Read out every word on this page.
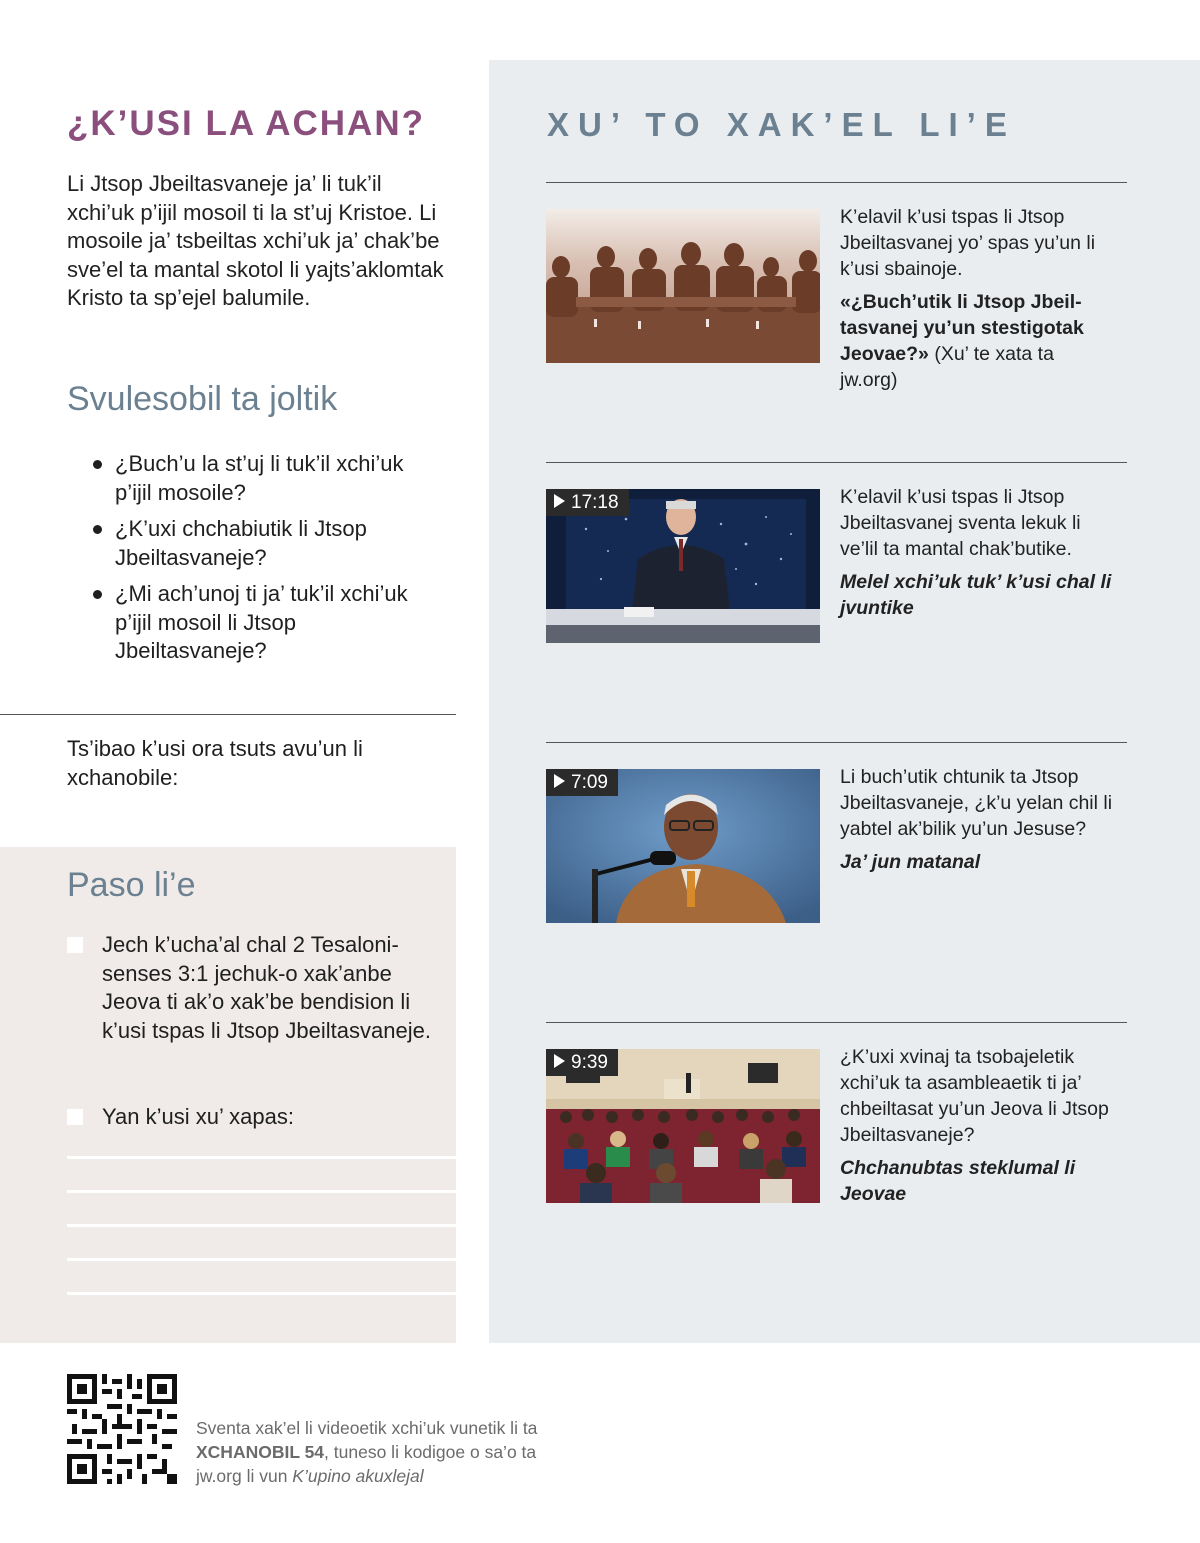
¿K’USI LA ACHAN?

Li Jtsop Jbeiltasvaneje ja’ li tuk’il xchi’uk p’ijil mosoil ti la st’uj Kristoe. Li mosoile ja’ tsbeiltas xchi’uk ja’ chak’be sve’el ta mantal skotol li yajts’aklomtak Kristo ta sp’ejel balumile.

Svulesobil ta joltik
¿Buch’u la st’uj li tuk’il xchi’uk p’ijil mosoile?
¿K’uxi chchabiutik li Jtsop Jbeiltasvaneje?
¿Mi ach’unoj ti ja’ tuk’il xchi’uk p’ijil mosoil li Jtsop Jbeiltasvaneje?

Ts’ibao k’usi ora tsuts avu’un li xchanobile:

Paso li’e
Jech k’ucha’al chal 2 Tesalonisenses 3:1 jechuk-o xak’anbe Jeova ti ak’o xak’be bendision li k’usi tspas li Jtsop Jbeiltasvaneje.
Yan k’usi xu’ xapas:
XU’ TO XAK’EL LI’E

K’elavil k’usi tspas li Jtsop Jbeiltasvanej yo’ spas yu’un li k’usi sbainoje.

«¿Buch’utik li Jtsop Jbeiltasvanej yu’un stestigotak Jeovae?» (Xu’ te xata ta jw.org)

17:18	K’elavil k’usi tspas li Jtsop Jbeiltasvanej sventa lekuk li ve’lil ta mantal chak’butike.

Melel xchi’uk tuk’ k’usi chal li jvuntike

7:09	Li buch’utik chtunik ta Jtsop Jbeiltasvaneje, ¿k’u yelan chil li yabtel ak’bilik yu’un Jesuse?

Ja’ jun matanal

9:39	¿K’uxi xvinaj ta tsobajeletik xchi’uk ta asambleaetik ti ja’ chbeiltasat yu’un Jeova li Jtsop Jbeiltasvaneje?

Chchanubtas steklumal li Jeovae

Sventa xak’el li videoetik xchi’uk vunetik li ta XCHANOBIL 54, tuneso li kodigoe o sa’o ta jw.org li vun K’upino akuxlejal
